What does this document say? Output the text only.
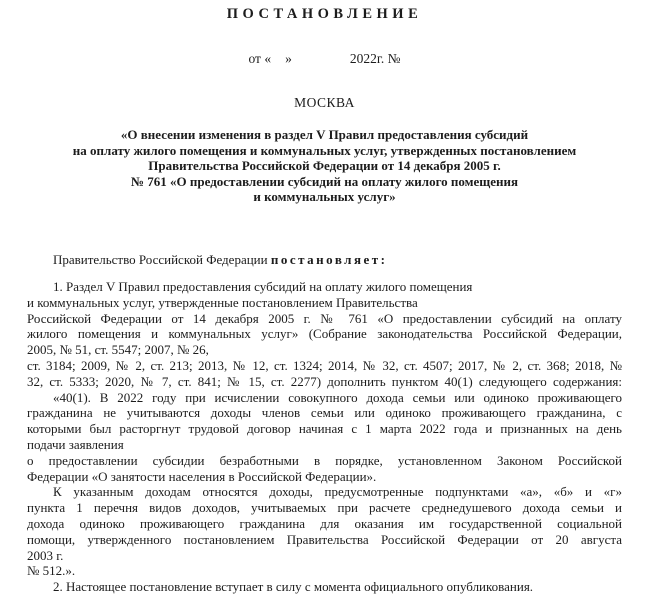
ПОСТАНОВЛЕНИЕ
от « »	2022г. №
МОСКВА
«О внесении изменения в раздел V Правил предоставления субсидий
на оплату жилого помещения и коммунальных услуг, утвержденных постановлением
Правительства Российской Федерации от 14 декабря 2005 г.
№ 761 «О предоставлении субсидий на оплату жилого помещения
и коммунальных услуг»
Правительство Российской Федерации постановляет:
1. Раздел V Правил предоставления субсидий на оплату жилого помещения
и коммунальных услуг, утвержденные постановлением Правительства
Российской Федерации от 14 декабря 2005 г. № 761 «О предоставлении субсидий на оплату
жилого помещения и коммунальных услуг» (Собрание законодательства Российской Федерации,
2005, № 51, ст. 5547; 2007, № 26,
ст. 3184; 2009, № 2, ст. 213; 2013, № 12, ст. 1324; 2014, № 32, ст. 4507; 2017, № 2, ст. 368; 2018, №
32, ст. 5333; 2020, № 7, ст. 841; № 15, ст. 2277) дополнить пунктом 40(1) следующего содержания:
«40(1). В 2022 году при исчислении совокупного дохода семьи или одиноко проживающего
гражданина не учитываются доходы членов семьи или одиноко проживающего гражданина, с
которыми был расторгнут трудовой договор начиная с 1 марта 2022 года и признанных на день
подачи заявления
о предоставлении субсидии безработными в порядке, установленном Законом Российской
Федерации «О занятости населения в Российской Федерации».
К указанным доходам относятся доходы, предусмотренные подпунктами «а», «б» и «г»
пункта 1 перечня видов доходов, учитываемых при расчете среднедушевого дохода семьи и
дохода одиноко проживающего гражданина для оказания им государственной социальной
помощи, утвержденного постановлением Правительства Российской Федерации от 20 августа
2003 г.
№ 512.».
2. Настоящее постановление вступает в силу с момента официального опубликования.
